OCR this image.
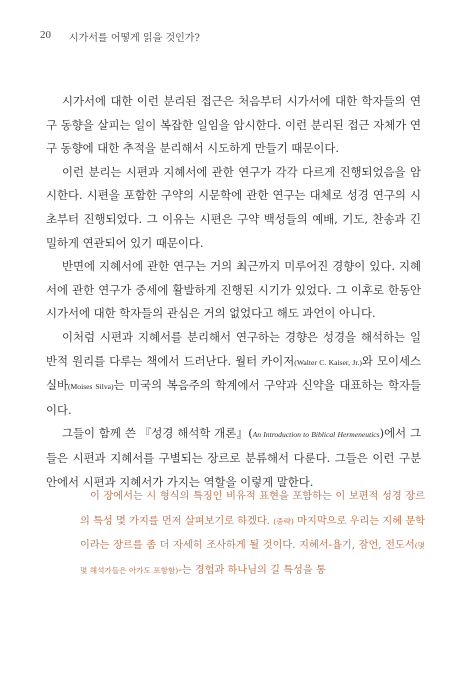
20 시가서를 어떻게 읽을 것인가?

시가서에 대한 이런 분리된 접근은 처음부터 시가서에 대한 학자들의 연구 동향을 살피는 일이 복잡한 일임을 암시한다. 이런 분리된 접근 자체가 연구 동향에 대한 추적을 분리해서 시도하게 만들기 때문이다.

이런 분리는 시편과 지혜서에 관한 연구가 각각 다르게 진행되었음을 암시한다. 시편을 포함한 구약의 시문학에 관한 연구는 대체로 성경 연구의 시초부터 진행되었다. 그 이유는 시편은 구약 백성들의 예배, 기도, 찬송과 긴밀하게 연관되어 있기 때문이다.

반면에 지혜서에 관한 연구는 거의 최근까지 미루어진 경향이 있다. 지혜서에 관한 연구가 중세에 활발하게 진행된 시기가 있었다. 그 이후로 한동안 시가서에 대한 학자들의 관심은 거의 없었다고 해도 과언이 아니다.

이처럼 시편과 지혜서를 분리해서 연구하는 경향은 성경을 해석하는 일반적 원리를 다루는 책에서 드러난다. 월터 카이저(Walter C. Kaiser, Jr.)와 모이세스 실바(Moises Silva)는 미국의 복음주의 학계에서 구약과 신약을 대표하는 학자들이다.

그들이 함께 쓴 『성경 해석학 개론』(An Introduction to Biblical Hermeneutics)에서 그들은 시편과 지혜서를 구별되는 장르로 분류해서 다룬다. 그들은 이런 구분 안에서 시편과 지혜서가 가지는 역할을 이렇게 말한다.

이 장에서는 시 형식의 특징인 비유적 표현을 포함하는 이 보편적 성경 장르의 특성 몇 가지를 먼저 살펴보기로 하겠다. (중략) 마지막으로 우리는 지혜 문학이라는 장르를 좀 더 자세히 조사하게 될 것이다. 지혜서-욥기, 잠언, 전도서(몇몇 해석가들은 아가도 포함함)-는 경험과 하나님의 길 특성을 통
